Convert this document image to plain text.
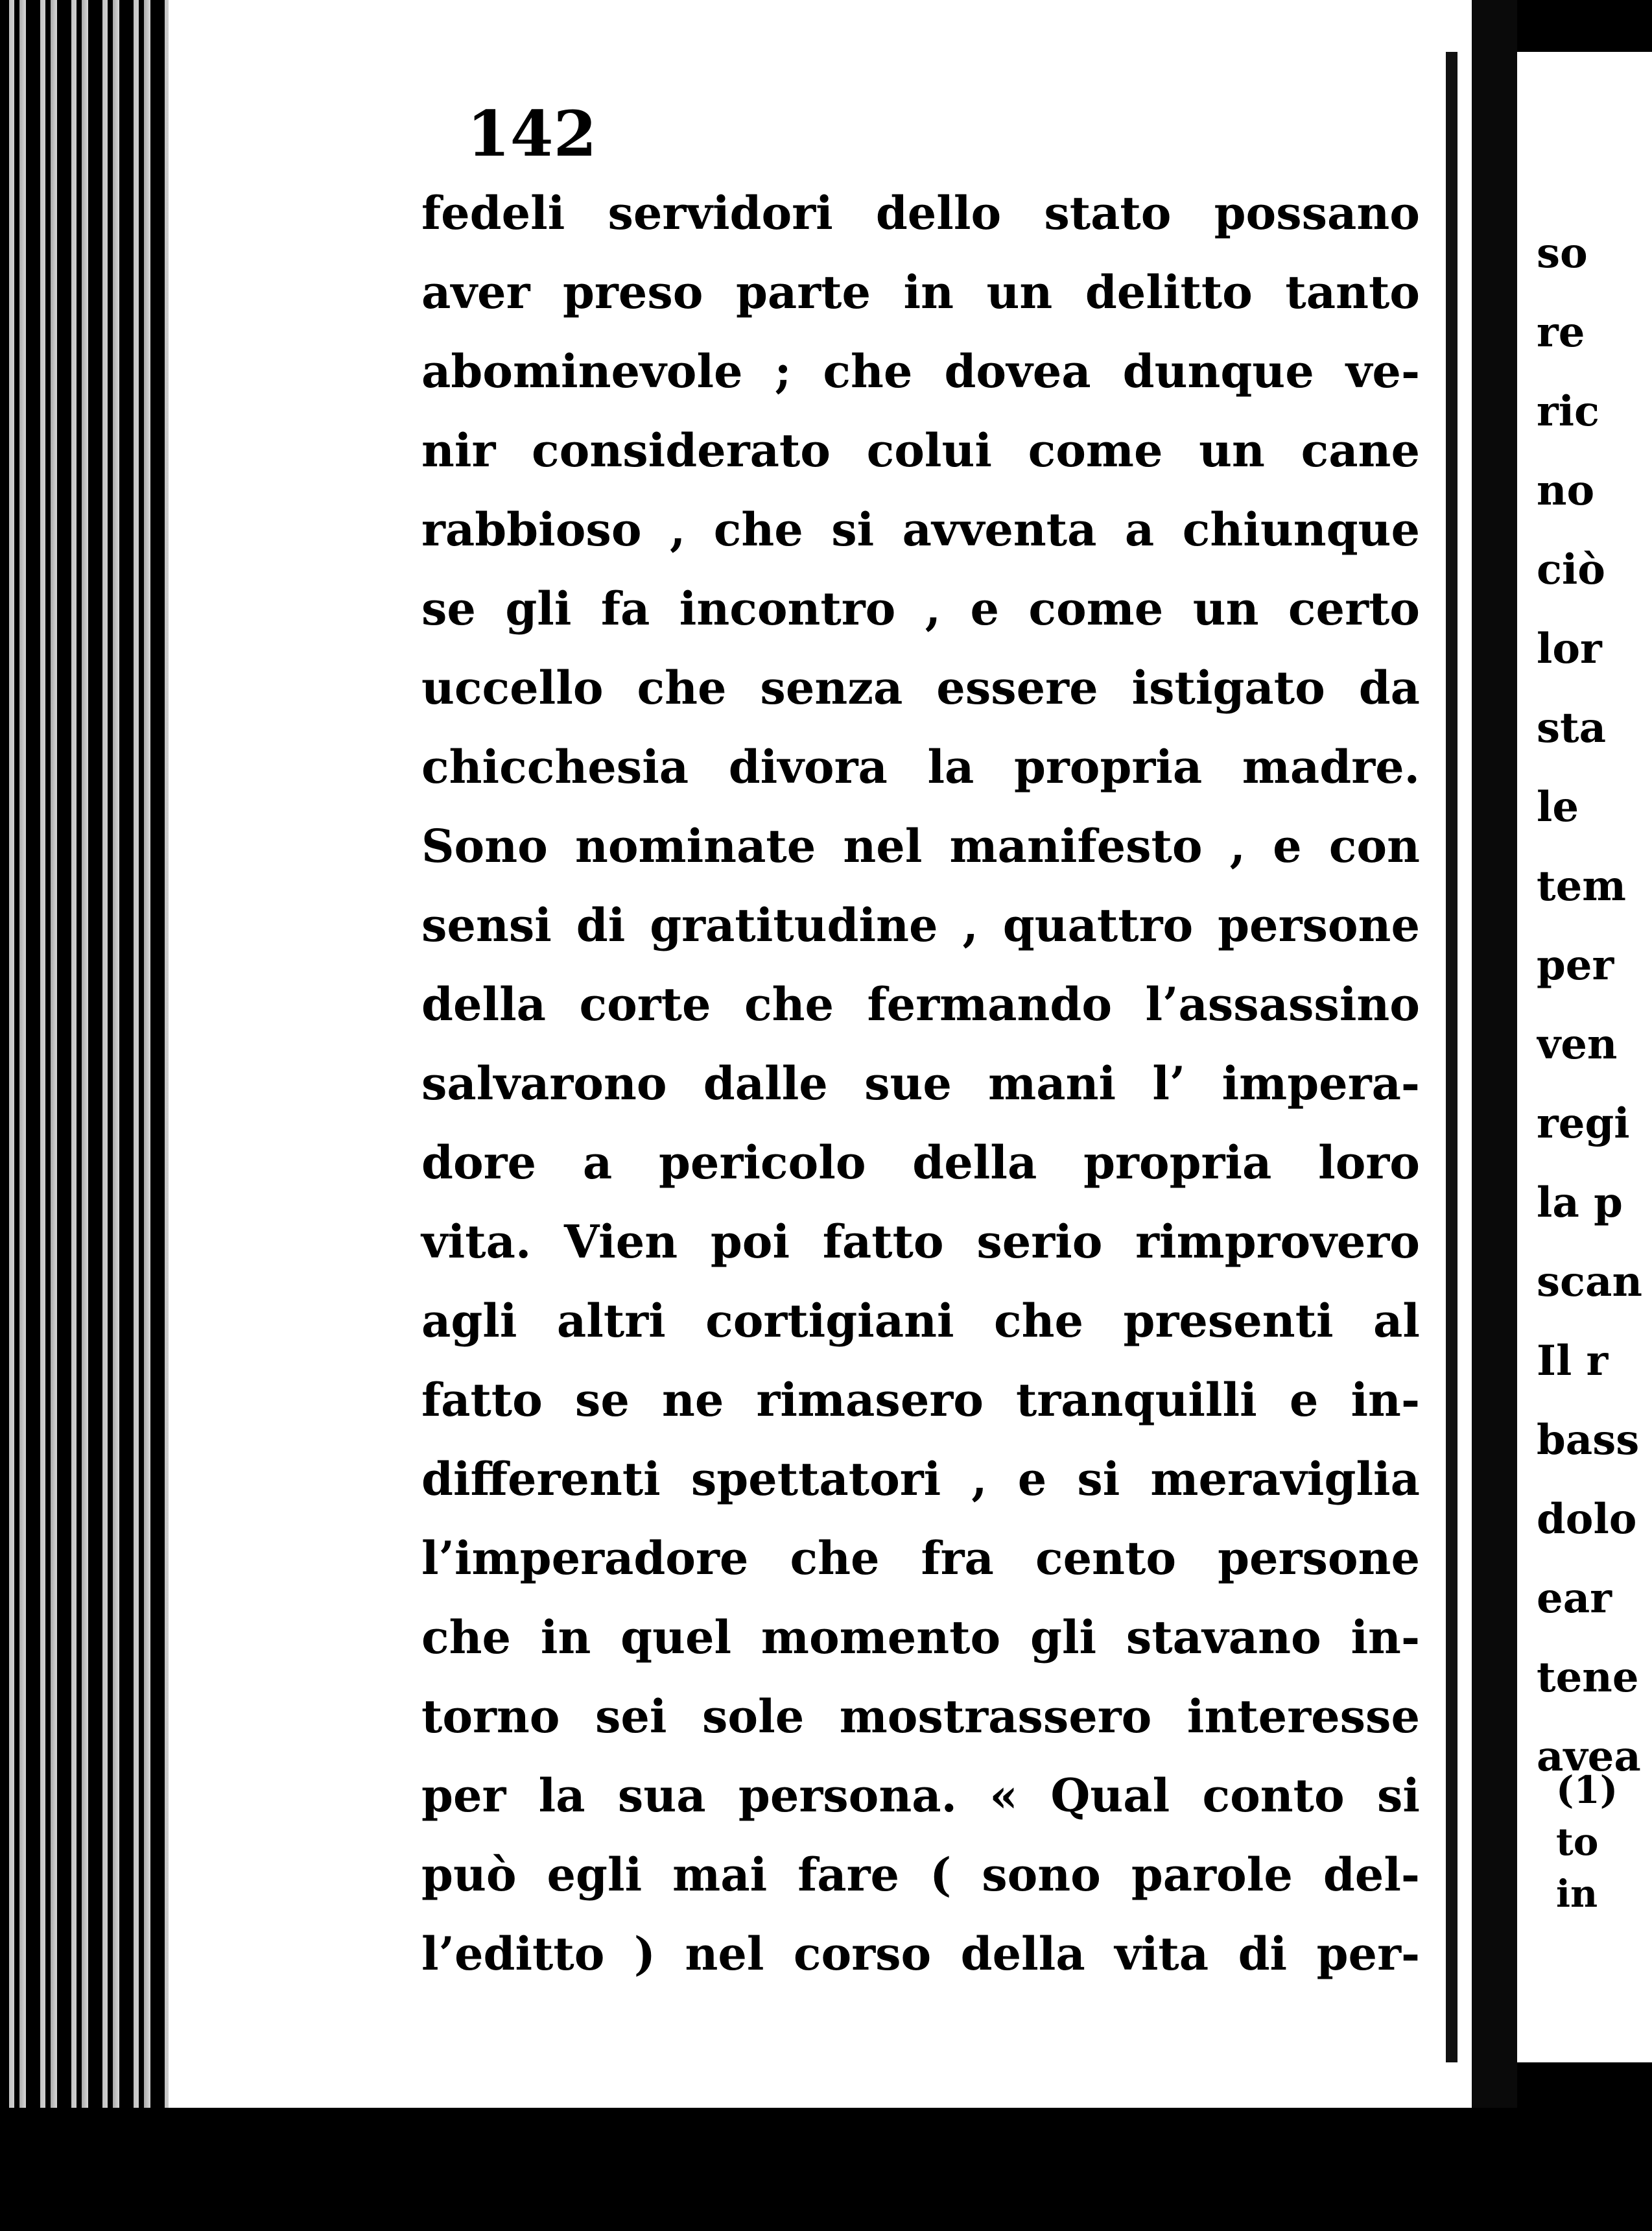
142
fedeli servidori dello stato possano
aver preso parte in un delitto tanto
abominevole ; che dovea dunque ve-
nir considerato colui come un cane
rabbioso , che si avventa a chiunque
se gli fa incontro , e come un certo
uccello che senza essere istigato da
chicchesia divora la propria madre.
Sono nominate nel manifesto , e con
sensi di gratitudine , quattro persone
della corte che fermando l’assassino
salvarono dalle sue mani l’ impera-
dore a pericolo della propria loro
vita. Vien poi fatto serio rimprovero
agli altri cortigiani che presenti al
fatto se ne rimasero tranquilli e in-
differenti spettatori , e si meraviglia
l’imperadore che fra cento persone
che in quel momento gli stavano in-
torno sei sole mostrassero interesse
per la sua persona. « Qual conto si
può egli mai fare ( sono parole del-
l’editto ) nel corso della vita di per-
so
re
ric
no
ciò
lor
sta
le
tem
per
ven
regi
la p
scan
Il r
bass
dolo
ear
tene
avea
(1)
to in
